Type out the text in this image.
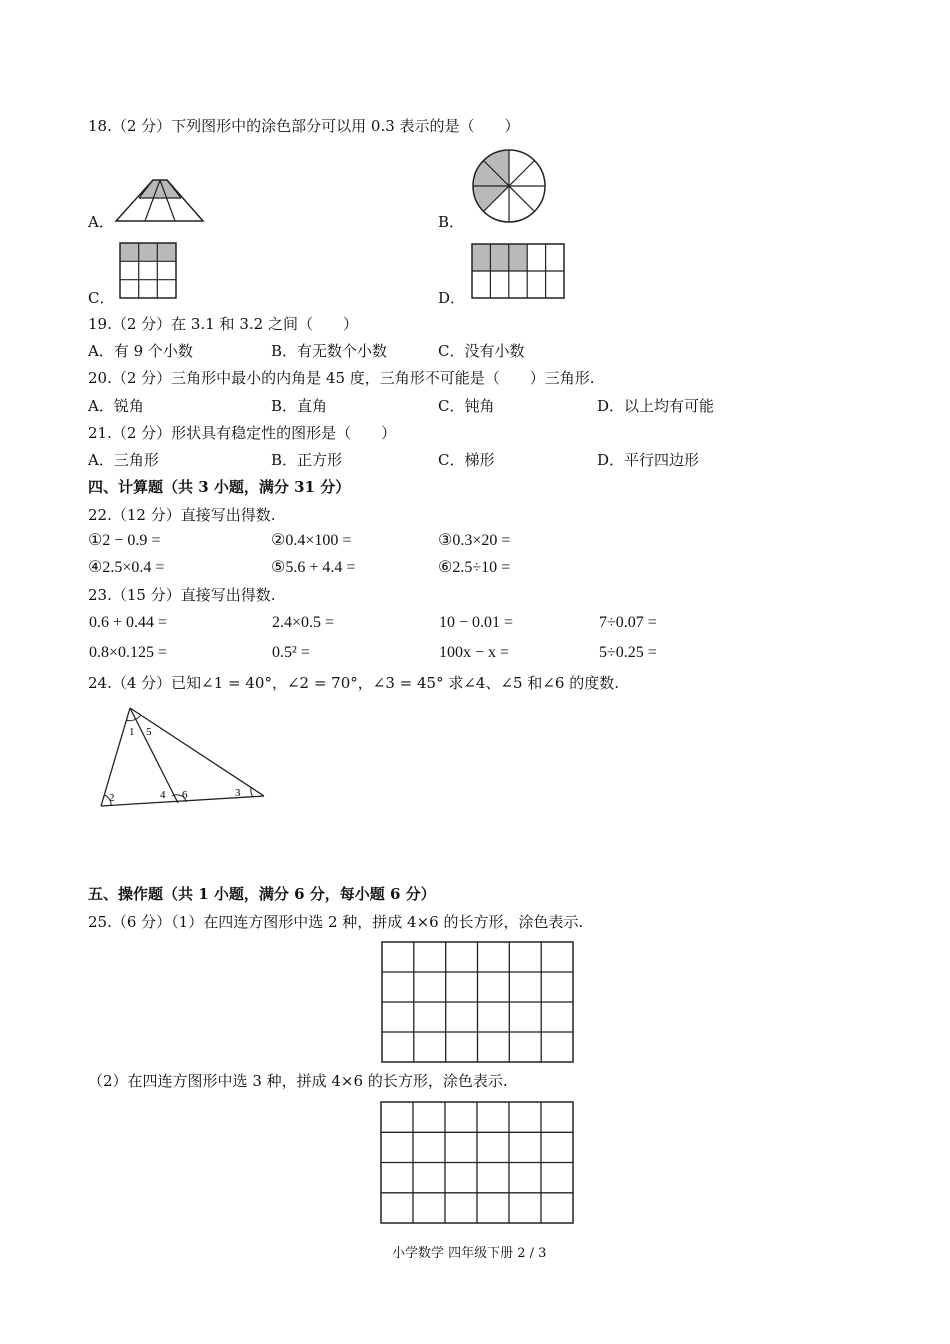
18.（2 分）下列图形中的涂色部分可以用 0.3 表示的是（　　）
A．	B．
C．	D．
19.（2 分）在 3.1 和 3.2 之间（　　）
A．有 9 个小数	B．有无数个小数	C．没有小数
20.（2 分）三角形中最小的内角是 45 度，三角形不可能是（　　）三角形.
A．锐角	B．直角	C．钝角	D．以上均有可能
21.（2 分）形状具有稳定性的图形是（　　）
A．三角形	B．正方形	C．梯形	D．平行四边形
四、计算题（共 3 小题，满分 31 分）
22.（12 分）直接写出得数.
①2 − 0.9 =	②0.4×100 =	③0.3×20 =
④2.5×0.4 =	⑤5.6 + 4.4 =	⑥2.5÷10 =
23.（15 分）直接写出得数.
0.6 + 0.44 =	2.4×0.5 =	10 − 0.01 =	7÷0.07 =
0.8×0.125 =	0.5² =	100x − x =	5÷0.25 =
24.（4 分）已知∠1 = 40°，∠2 = 70°，∠3 = 45° 求∠4、∠5 和∠6 的度数.
1 5
2	4 6	3
五、操作题（共 1 小题，满分 6 分，每小题 6 分）
25.（6 分）（1）在四连方图形中选 2 种，拼成 4×6 的长方形，涂色表示.
（2）在四连方图形中选 3 种，拼成 4×6 的长方形，涂色表示.
小学数学 四年级下册 2 / 3
